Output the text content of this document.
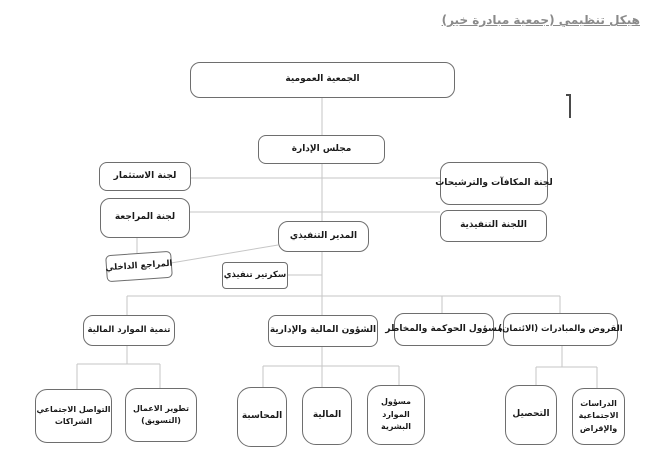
هيكل تنظيمي (جمعية مبادرة خير)
الجمعية العمومية
مجلس الإدارة
لجنة الاستثمار
لجنة المراجعة
لجنة المكافآت والترشيحات
اللجنة التنفيذية
المدير التنفيذي
المراجع الداخلي
سكرتير تنفيذي
تنمية الموارد المالية	الشؤون المالية والإدارية مسؤول الحوكمة والمخاطر
القروض والمبادرات (الائتمان)
التواصل الاجتماعي
الشراكات
تطوير الاعمال
(التسويق)	المحاسبة	المالية
مسؤول
الموارد
البشرية
التحصيل
الدراسات
الاجتماعية
والإقراض
